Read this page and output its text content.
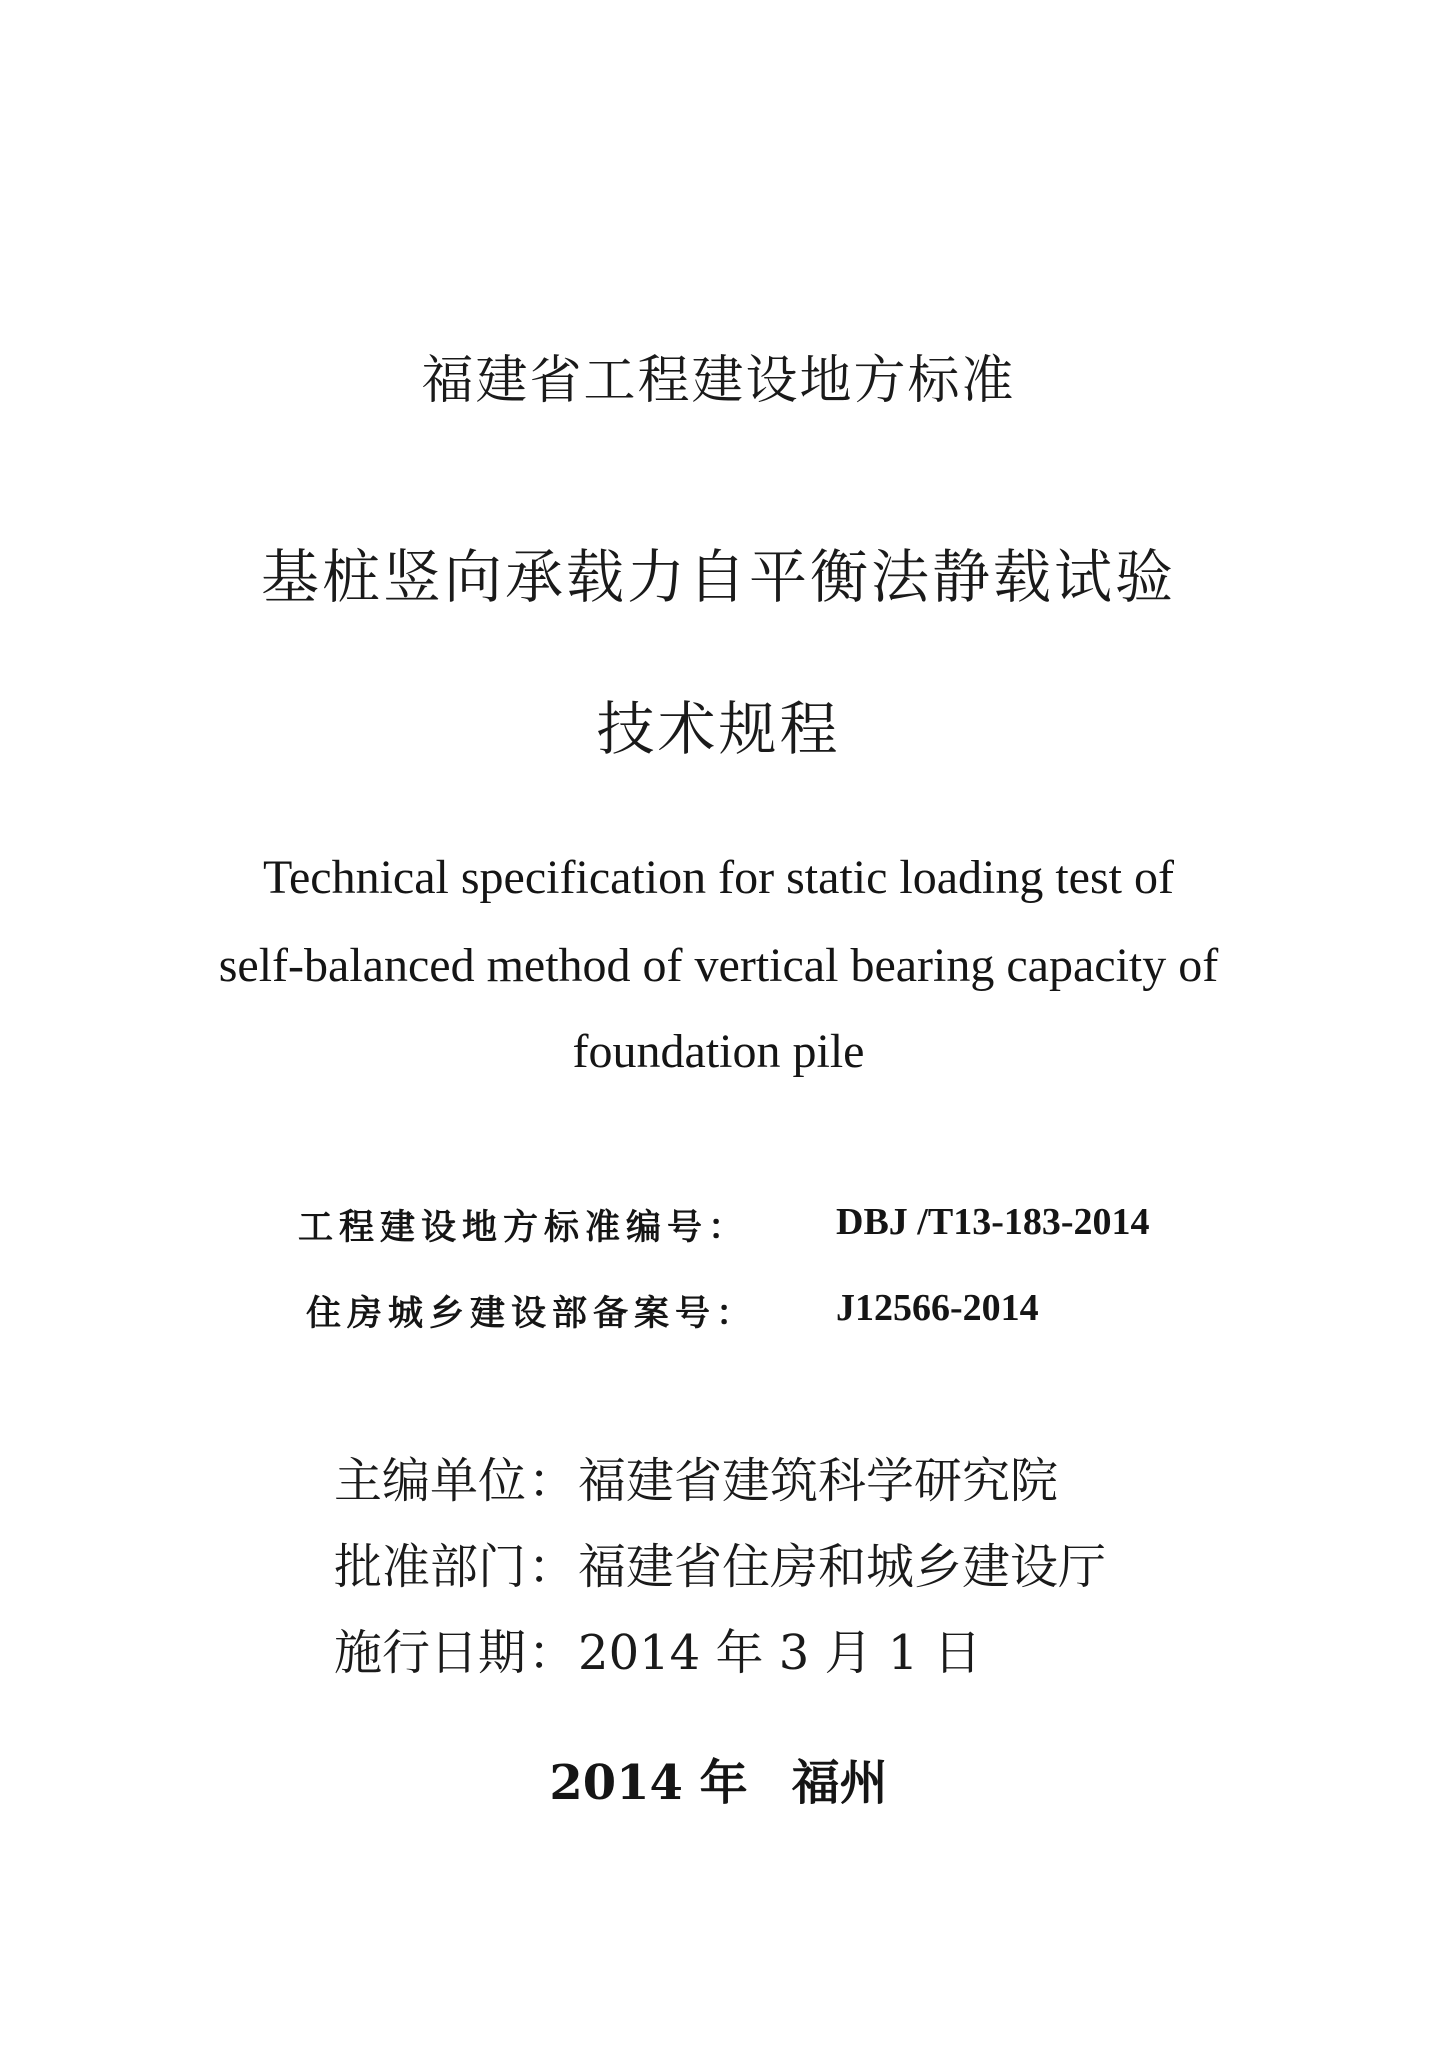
福建省工程建设地方标准
基桩竖向承载力自平衡法静载试验
技术规程
Technical specification for static loading test of
self-balanced method of vertical bearing capacity of
foundation pile
工程建设地方标准编号： DBJ /T13-183-2014
住房城乡建设部备案号： J12566-2014
主编单位：福建省建筑科学研究院
批准部门：福建省住房和城乡建设厅
施行日期：2014 年 3 月 1 日
2014 年 福州
